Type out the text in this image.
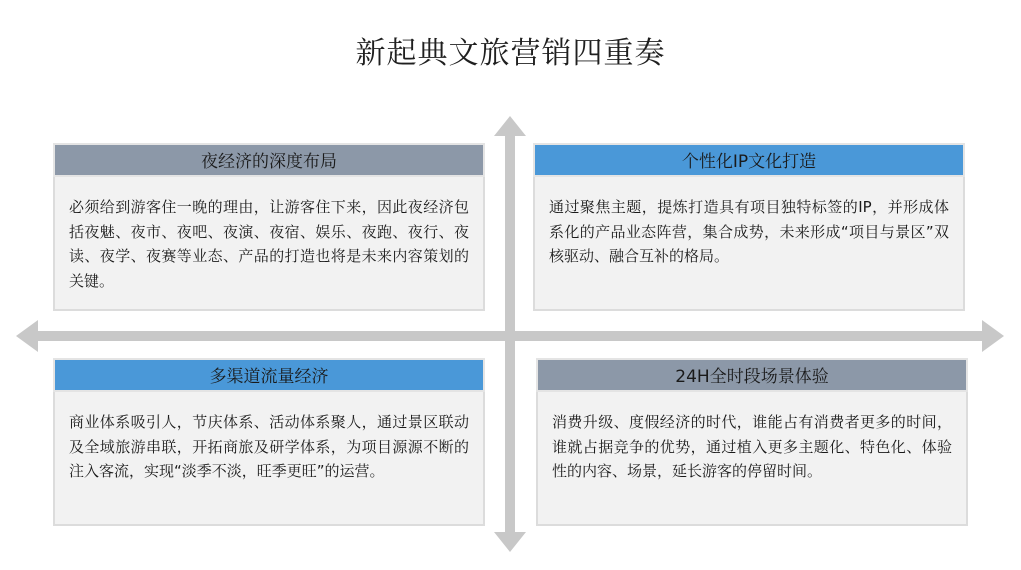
新起典文旅营销四重奏
夜经济的深度布局
必须给到游客住一晚的理由，让游客住下来，因此夜经济包括夜魅、夜市、夜吧、夜演、夜宿、娱乐、夜跑、夜行、夜读、夜学、夜赛等业态、产品的打造也将是未来内容策划的关键。
个性化IP文化打造
通过聚焦主题，提炼打造具有项目独特标签的IP，并形成体系化的产品业态阵营，集合成势，未来形成“项目与景区”双核驱动、融合互补的格局。
多渠道流量经济
商业体系吸引人，节庆体系、活动体系聚人，通过景区联动及全域旅游串联，开拓商旅及研学体系，为项目源源不断的注入客流，实现“淡季不淡，旺季更旺”的运营。
24H全时段场景体验
消费升级、度假经济的时代，谁能占有消费者更多的时间，谁就占据竞争的优势，通过植入更多主题化、特色化、体验性的内容、场景，延长游客的停留时间。
